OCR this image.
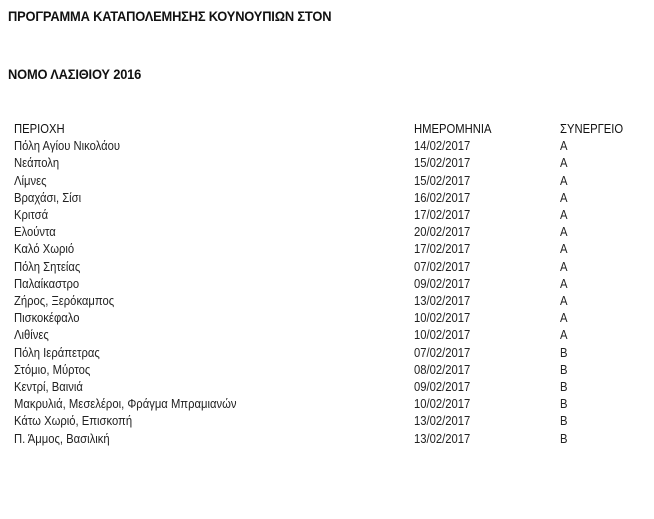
ΠΡΟΓΡΑΜΜΑ ΚΑΤΑΠΟΛΕΜΗΣΗΣ ΚΟΥΝΟΥΠΙΩΝ ΣΤΟΝ
ΝΟΜΟ ΛΑΣΙΘΙΟΥ 2016
ΠΕΡΙΟΧΗ	ΗΜΕΡΟΜΗΝΙΑ	ΣΥΝΕΡΓΕΙΟ
Πόλη Αγίου Νικολάου	14/02/2017	Α
Νεάπολη	15/02/2017	Α
Λίμνες	15/02/2017	Α
Βραχάσι, Σίσι	16/02/2017	Α
Κριτσά	17/02/2017	Α
Ελούντα	20/02/2017	Α
Καλό Χωριό	17/02/2017	Α
Πόλη Σητείας	07/02/2017	Α
Παλαίκαστρο	09/02/2017	Α
Ζήρος, Ξερόκαμπος	13/02/2017	Α
Πισκοκέφαλο	10/02/2017	Α
Λιθίνες	10/02/2017	Α
Πόλη Ιεράπετρας	07/02/2017	Β
Στόμιο, Μύρτος	08/02/2017	Β
Κεντρί, Βαινιά	09/02/2017	Β
Μακρυλιά, Μεσελέροι, Φράγμα Μπραμιανών	10/02/2017	Β
Κάτω Χωριό, Επισκοπή	13/02/2017	Β
Π. Άμμος, Βασιλική	13/02/2017	Β
